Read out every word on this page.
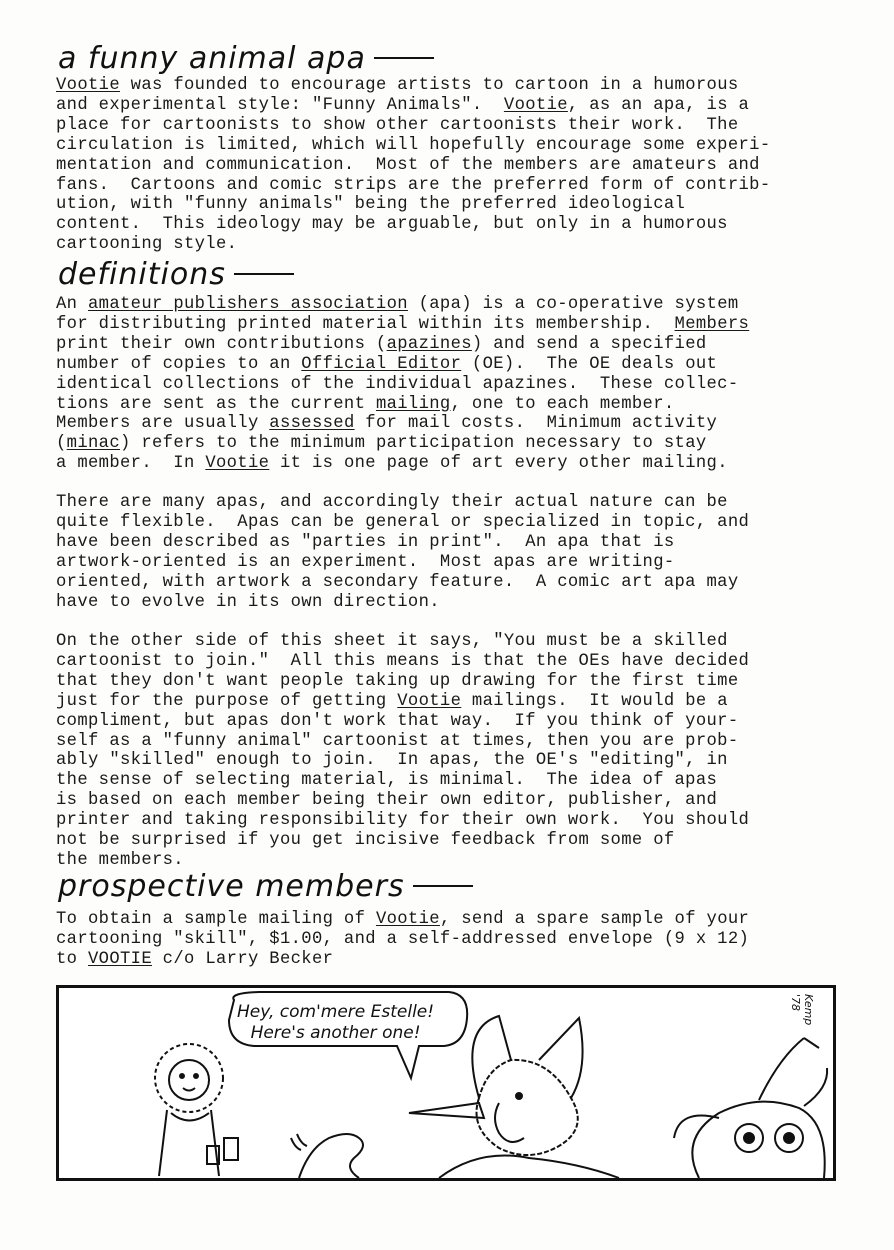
a funny animal apa

Vootie was founded to encourage artists to cartoon in a humorous
and experimental style: "Funny Animals".  Vootie, as an apa, is a
place for cartoonists to show other cartoonists their work.  The
circulation is limited, which will hopefully encourage some experi-
mentation and communication.  Most of the members are amateurs and
fans.  Cartoons and comic strips are the preferred form of contrib-
ution, with "funny animals" being the preferred ideological
content.  This ideology may be arguable, but only in a humorous
cartooning style.

definitions

An amateur publishers association (apa) is a co-operative system
for distributing printed material within its membership.  Members
print their own contributions (apazines) and send a specified
number of copies to an Official Editor (OE).  The OE deals out
identical collections of the individual apazines.  These collec-
tions are sent as the current mailing, one to each member.
Members are usually assessed for mail costs.  Minimum activity
(minac) refers to the minimum participation necessary to stay
a member.  In Vootie it is one page of art every other mailing.

There are many apas, and accordingly their actual nature can be
quite flexible.  Apas can be general or specialized in topic, and
have been described as "parties in print".  An apa that is
artwork-oriented is an experiment.  Most apas are writing-
oriented, with artwork a secondary feature.  A comic art apa may
have to evolve in its own direction.

On the other side of this sheet it says, "You must be a skilled
cartoonist to join."  All this means is that the OEs have decided
that they don't want people taking up drawing for the first time
just for the purpose of getting Vootie mailings.  It would be a
compliment, but apas don't work that way.  If you think of your-
self as a "funny animal" cartoonist at times, then you are prob-
ably "skilled" enough to join.  In apas, the OE's "editing", in
the sense of selecting material, is minimal.  The idea of apas
is based on each member being their own editor, publisher, and
printer and taking responsibility for their own work.  You should
not be surprised if you get incisive feedback from some of
the members.

prospective members

To obtain a sample mailing of Vootie, send a spare sample of your
cartooning "skill", $1.00, and a self-addressed envelope (9 x 12)
to VOOTIE c/o Larry Becker

Hey, com'mere Estelle!
Here's another one!
Kemp '78
